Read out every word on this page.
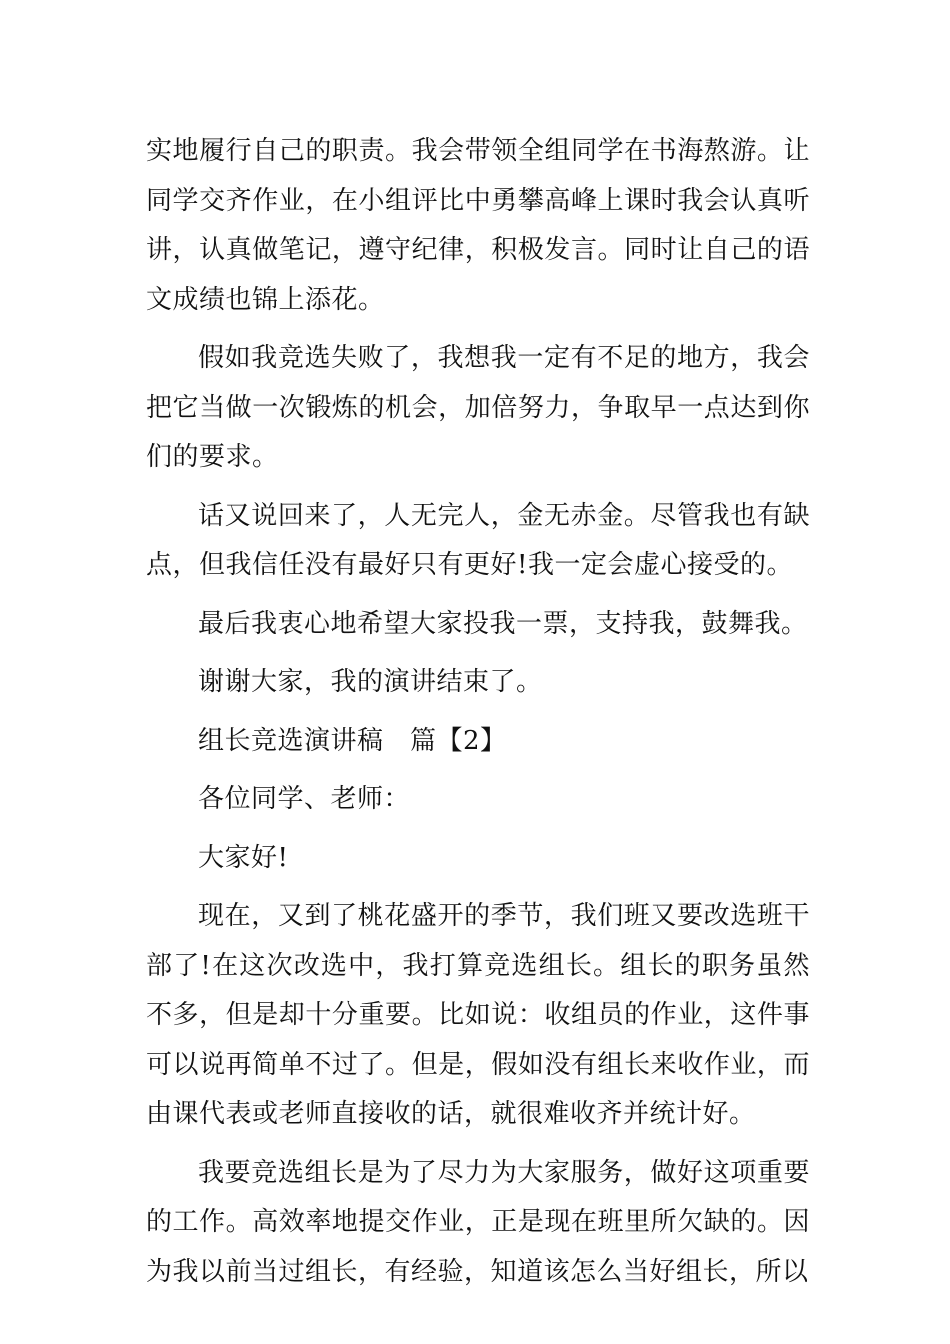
实地履行自己的职责。我会带领全组同学在书海熬游。让同学交齐作业，在小组评比中勇攀高峰上课时我会认真听讲，认真做笔记，遵守纪律，积极发言。同时让自己的语文成绩也锦上添花。

假如我竞选失败了，我想我一定有不足的地方，我会把它当做一次锻炼的机会，加倍努力，争取早一点达到你们的要求。

话又说回来了，人无完人，金无赤金。尽管我也有缺点，但我信任没有最好只有更好!我一定会虚心接受的。

最后我衷心地希望大家投我一票，支持我，鼓舞我。

谢谢大家，我的演讲结束了。

组长竞选演讲稿　篇【2】

各位同学、老师：

大家好!

现在，又到了桃花盛开的季节，我们班又要改选班干部了!在这次改选中，我打算竞选组长。组长的职务虽然不多，但是却十分重要。比如说：收组员的作业，这件事可以说再简单不过了。但是，假如没有组长来收作业，而由课代表或老师直接收的话，就很难收齐并统计好。

我要竞选组长是为了尽力为大家服务，做好这项重要的工作。高效率地提交作业，正是现在班里所欠缺的。因为我以前当过组长，有经验，知道该怎么当好组长，所以
